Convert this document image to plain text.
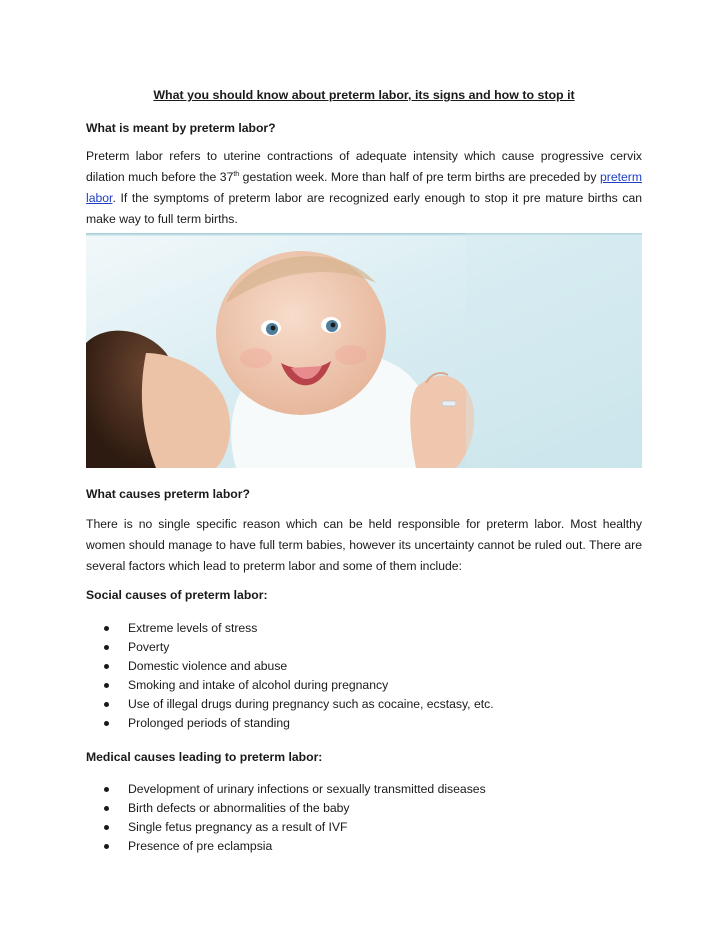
What you should know about preterm labor, its signs and how to stop it
What is meant by preterm labor?

Preterm labor refers to uterine contractions of adequate intensity which cause progressive cervix dilation much before the 37th gestation week. More than half of pre term births are preceded by preterm labor. If the symptoms of preterm labor are recognized early enough to stop it pre mature births can make way to full term births.

What causes preterm labor?

There is no single specific reason which can be held responsible for preterm labor. Most healthy women should manage to have full term babies, however its uncertainty cannot be ruled out. There are several factors which lead to preterm labor and some of them include:

Social causes of preterm labor:
Extreme levels of stress
Poverty
Domestic violence and abuse
Smoking and intake of alcohol during pregnancy
Use of illegal drugs during pregnancy such as cocaine, ecstasy, etc.
Prolonged periods of standing
Medical causes leading to preterm labor:
Development of urinary infections or sexually transmitted diseases
Birth defects or abnormalities of the baby
Single fetus pregnancy as a result of IVF
Presence of pre eclampsia
